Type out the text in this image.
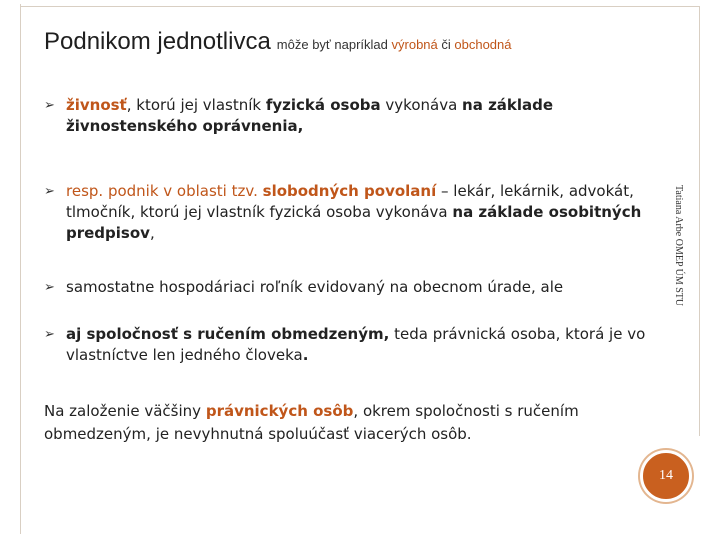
Podnikom jednotlivca môže byť napríklad výrobná či obchodná
➢ živnosť, ktorú jej vlastník fyzická osoba vykonáva na základe živnostenského oprávnenia,
➢ resp. podnik v oblasti tzv. slobodných povolaní – lekár, lekárnik, advokát, tlmočník, ktorú jej vlastník fyzická osoba vykonáva na základe osobitných predpisov,
➢ samostatne hospodáriaci roľník evidovaný na obecnom úrade, ale
➢ aj spoločnosť s ručením obmedzeným, teda právnická osoba, ktorá je vo vlastníctve len jedného človeka.
Na založenie väčšiny právnických osôb, okrem spoločnosti s ručením obmedzeným, je nevyhnutná spoluúčasť viacerých osôb.
Tatiana Arbe OMEP ÚM STU
14
